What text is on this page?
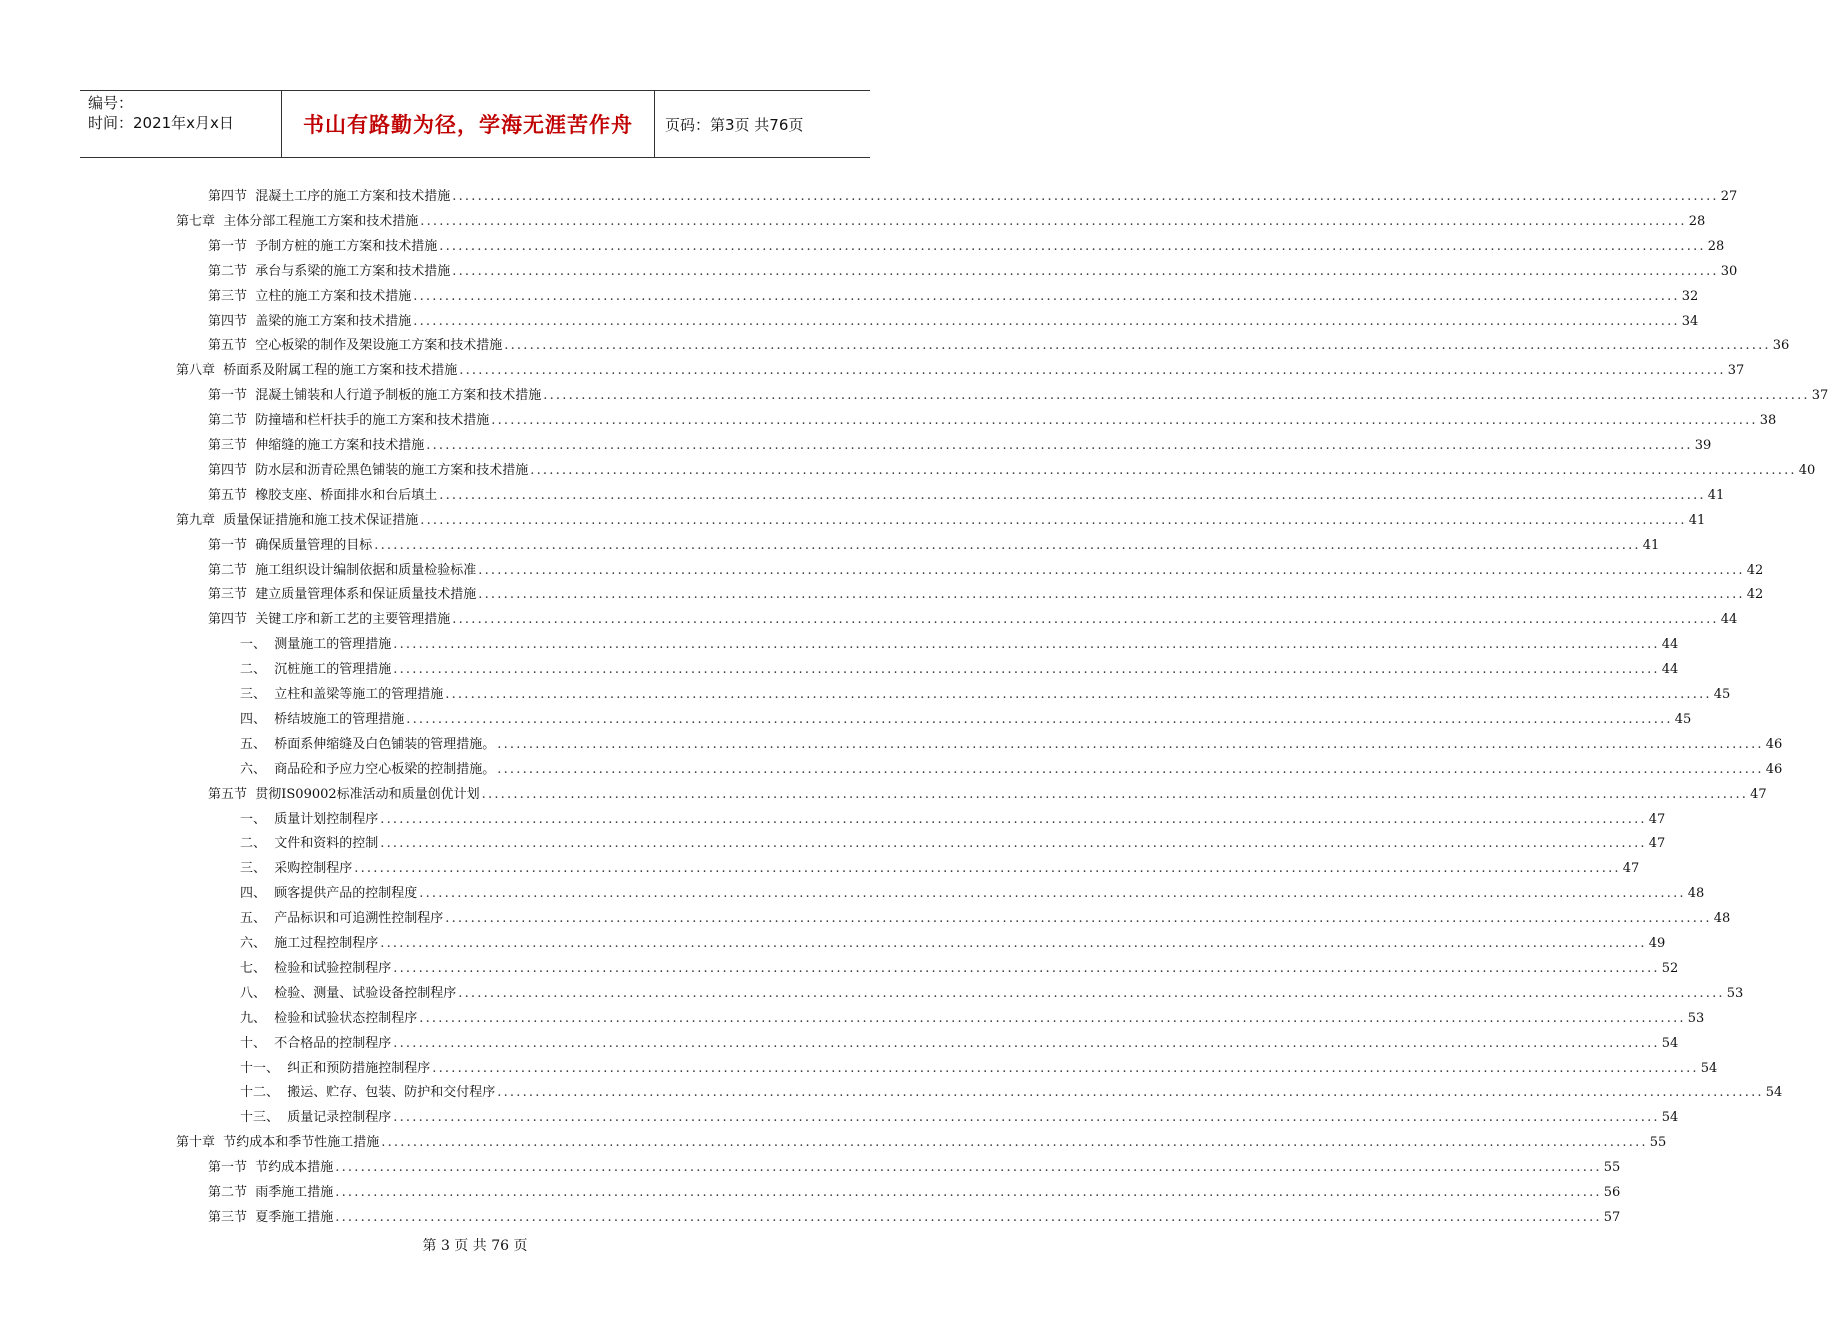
编号：
时间：2021年x月x日	书山有路勤为径，学海无涯苦作舟 页码：第3页 共76页
第四节  混凝土工序的施工方案和技术措施 ........................................................................................................................................................................................................ 27
第七章  主体分部工程施工方案和技术措施 ........................................................................................................................................................................................................ 28
第一节  予制方桩的施工方案和技术措施 ........................................................................................................................................................................................................ 28
第二节  承台与系梁的施工方案和技术措施 ........................................................................................................................................................................................................ 30
第三节  立柱的施工方案和技术措施 ........................................................................................................................................................................................................ 32
第四节  盖梁的施工方案和技术措施 ........................................................................................................................................................................................................ 34
第五节  空心板梁的制作及架设施工方案和技术措施 ........................................................................................................................................................................................................ 36
第八章  桥面系及附属工程的施工方案和技术措施 ........................................................................................................................................................................................................ 37
第一节  混凝土铺装和人行道予制板的施工方案和技术措施 ........................................................................................................................................................................................................ 37
第二节  防撞墙和栏杆扶手的施工方案和技术措施 ........................................................................................................................................................................................................ 38
第三节  伸缩缝的施工方案和技术措施 ........................................................................................................................................................................................................ 39
第四节  防水层和沥青砼黑色铺装的施工方案和技术措施 ........................................................................................................................................................................................................ 40
第五节  橡胶支座、桥面排水和台后填土 ........................................................................................................................................................................................................ 41
第九章  质量保证措施和施工技术保证措施 ........................................................................................................................................................................................................ 41
第一节  确保质量管理的目标 ........................................................................................................................................................................................................ 41
第二节  施工组织设计编制依据和质量检验标准 ........................................................................................................................................................................................................ 42
第三节  建立质量管理体系和保证质量技术措施 ........................................................................................................................................................................................................ 42
第四节  关键工序和新工艺的主要管理措施 ........................................................................................................................................................................................................ 44
一、  测量施工的管理措施 ........................................................................................................................................................................................................ 44
二、  沉桩施工的管理措施 ........................................................................................................................................................................................................ 44
三、  立柱和盖梁等施工的管理措施 ........................................................................................................................................................................................................ 45
四、  桥结坡施工的管理措施 ........................................................................................................................................................................................................ 45
五、  桥面系伸缩缝及白色铺装的管理措施。 ........................................................................................................................................................................................................ 46
六、  商品砼和予应力空心板梁的控制措施。 ........................................................................................................................................................................................................ 46
第五节  贯彻IS09002标准活动和质量创优计划 ........................................................................................................................................................................................................ 47
一、  质量计划控制程序 ........................................................................................................................................................................................................ 47
二、  文件和资料的控制 ........................................................................................................................................................................................................ 47
三、  采购控制程序 ........................................................................................................................................................................................................ 47
四、  顾客提供产品的控制程度 ........................................................................................................................................................................................................ 48
五、  产品标识和可追溯性控制程序 ........................................................................................................................................................................................................ 48
六、  施工过程控制程序 ........................................................................................................................................................................................................ 49
七、  检验和试验控制程序 ........................................................................................................................................................................................................ 52
八、  检验、测量、试验设备控制程序 ........................................................................................................................................................................................................ 53
九、  检验和试验状态控制程序 ........................................................................................................................................................................................................ 53
十、  不合格品的控制程序 ........................................................................................................................................................................................................ 54
十一、  纠正和预防措施控制程序 ........................................................................................................................................................................................................ 54
十二、  搬运、贮存、包装、防护和交付程序 ........................................................................................................................................................................................................ 54
十三、  质量记录控制程序 ........................................................................................................................................................................................................ 54
第十章  节约成本和季节性施工措施 ........................................................................................................................................................................................................ 55
第一节  节约成本措施 ........................................................................................................................................................................................................ 55
第二节  雨季施工措施 ........................................................................................................................................................................................................ 56
第三节  夏季施工措施 ........................................................................................................................................................................................................ 57
第 3 页 共 76 页
